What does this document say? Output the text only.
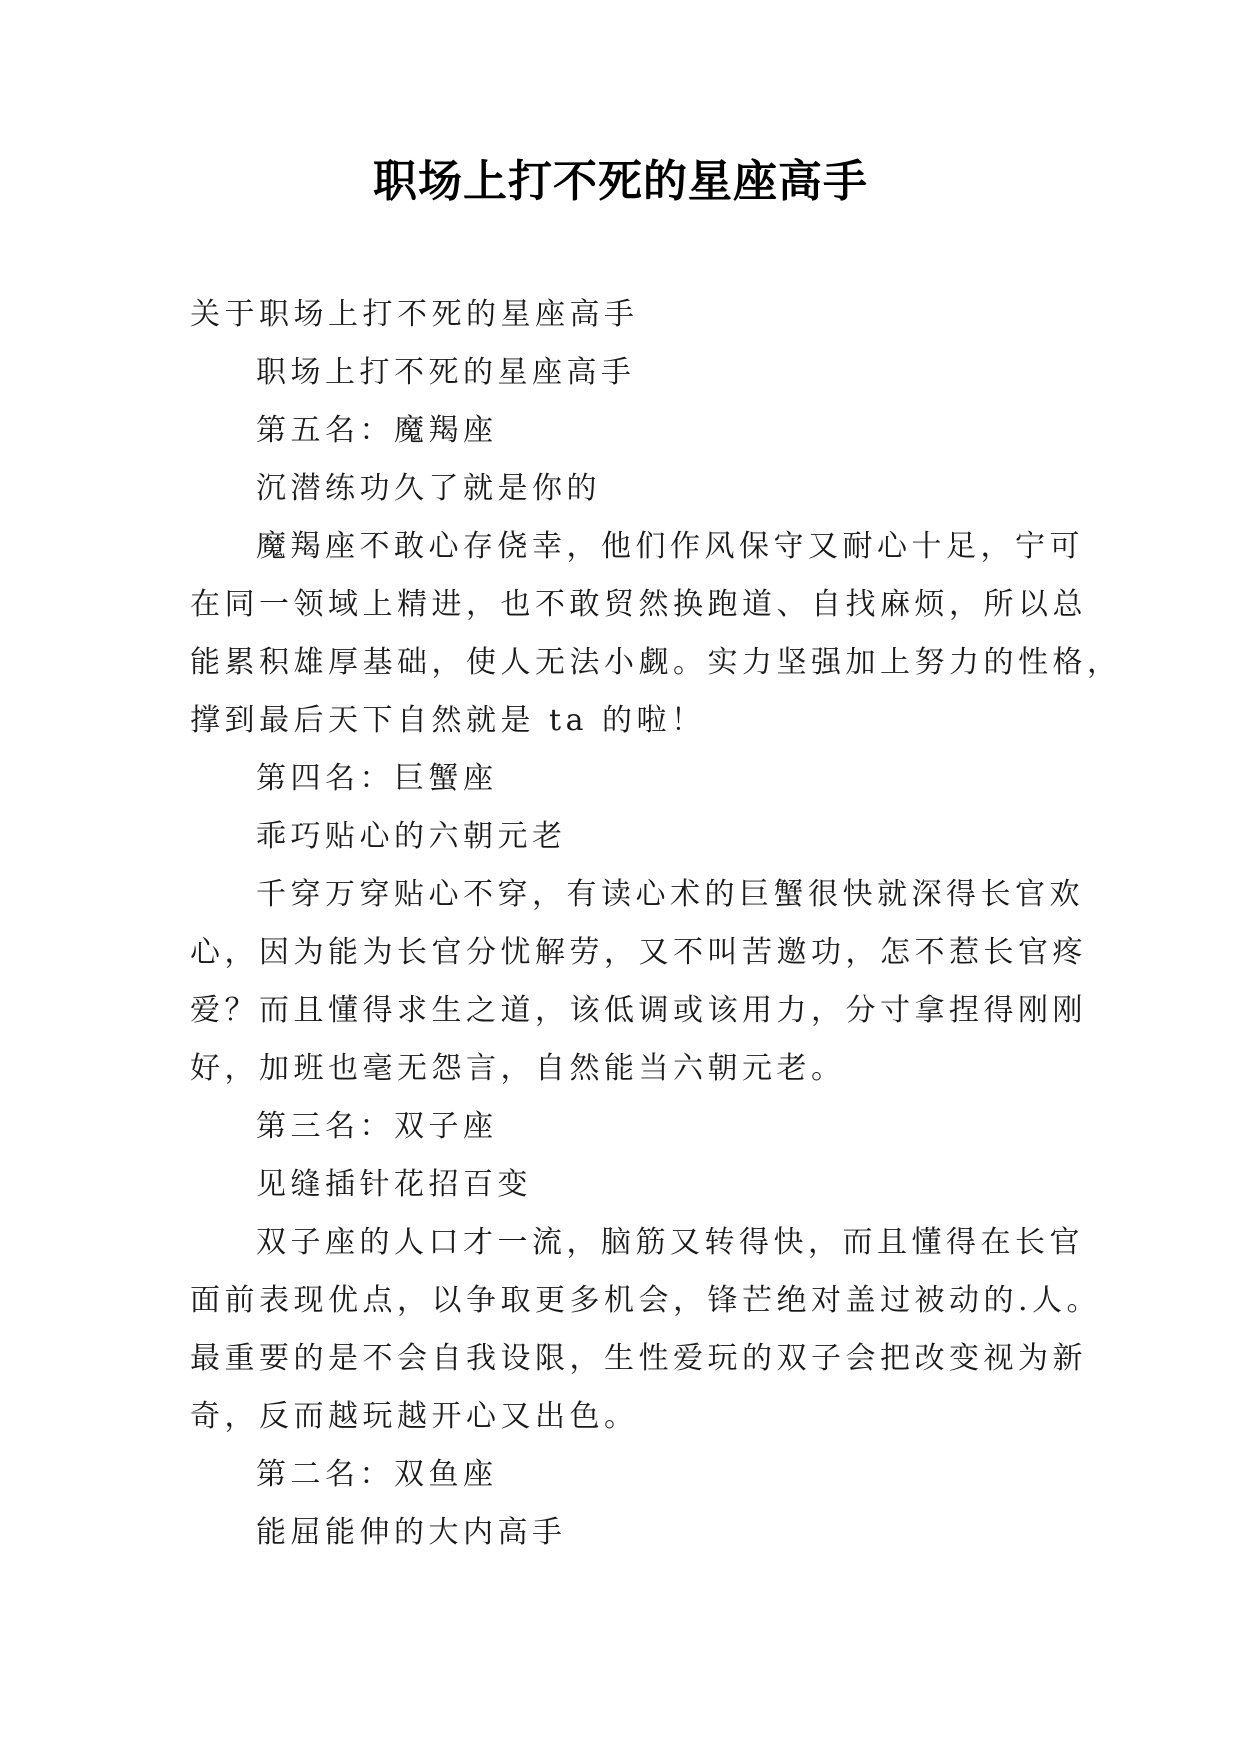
职场上打不死的星座高手
关于职场上打不死的星座高手
职场上打不死的星座高手
第五名：魔羯座
沉潜练功久了就是你的
魔羯座不敢心存侥幸，他们作风保守又耐心十足，宁可
在同一领域上精进，也不敢贸然换跑道、自找麻烦，所以总
能累积雄厚基础，使人无法小觑。实力坚强加上努力的性格，
撑到最后天下自然就是 ta 的啦！
第四名：巨蟹座
乖巧贴心的六朝元老
千穿万穿贴心不穿，有读心术的巨蟹很快就深得长官欢
心，因为能为长官分忧解劳，又不叫苦邀功，怎不惹长官疼
爱？而且懂得求生之道，该低调或该用力，分寸拿捏得刚刚
好，加班也毫无怨言，自然能当六朝元老。
第三名：双子座
见缝插针花招百变
双子座的人口才一流，脑筋又转得快，而且懂得在长官
面前表现优点，以争取更多机会，锋芒绝对盖过被动的.人。
最重要的是不会自我设限，生性爱玩的双子会把改变视为新
奇，反而越玩越开心又出色。
第二名：双鱼座
能屈能伸的大内高手
